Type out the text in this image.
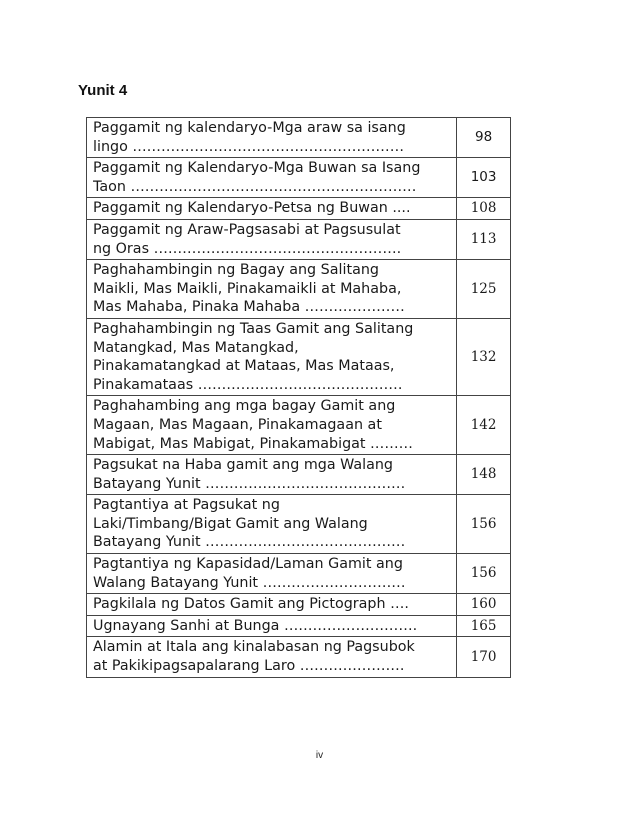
Yunit 4
Paggamit ng kalendaryo-Mga araw sa isang
lingo …………………………………………………	98

Paggamit ng Kalendaryo-Mga Buwan sa Isang
Taon ……………………………………………………	103

Paggamit ng Kalendaryo-Petsa ng Buwan ....	108

Paggamit ng Araw-Pagsasabi at Pagsusulat
ng Oras …………………………………………….	113

Paghahambingin ng Bagay ang Salitang
Maikli, Mas Maikli, Pinakamaikli at Mahaba,
Mas Mahaba, Pinaka Mahaba …………………	125

Paghahambingin ng Taas Gamit ang Salitang
Matangkad, Mas Matangkad,
Pinakamatangkad at Mataas, Mas Mataas,
Pinakamataas …………………………………….	132

Paghahambing ang mga bagay Gamit ang
Magaan, Mas Magaan, Pinakamagaan at
Mabigat, Mas Mabigat, Pinakamabigat ………	142

Pagsukat na Haba gamit ang mga Walang
Batayang Yunit ……………………………………	148

Pagtantiya at Pagsukat ng
Laki/Timbang/Bigat Gamit ang Walang
Batayang Yunit ……………………………………	156

Pagtantiya ng Kapasidad/Laman Gamit ang
Walang Batayang Yunit …………………………	156

Pagkilala ng Datos Gamit ang Pictograph ….	160

Ugnayang Sanhi at Bunga ……………………….	165

Alamin at Itala ang kinalabasan ng Pagsubok
at Pakikipagsapalarang Laro ………………….	170
iv
